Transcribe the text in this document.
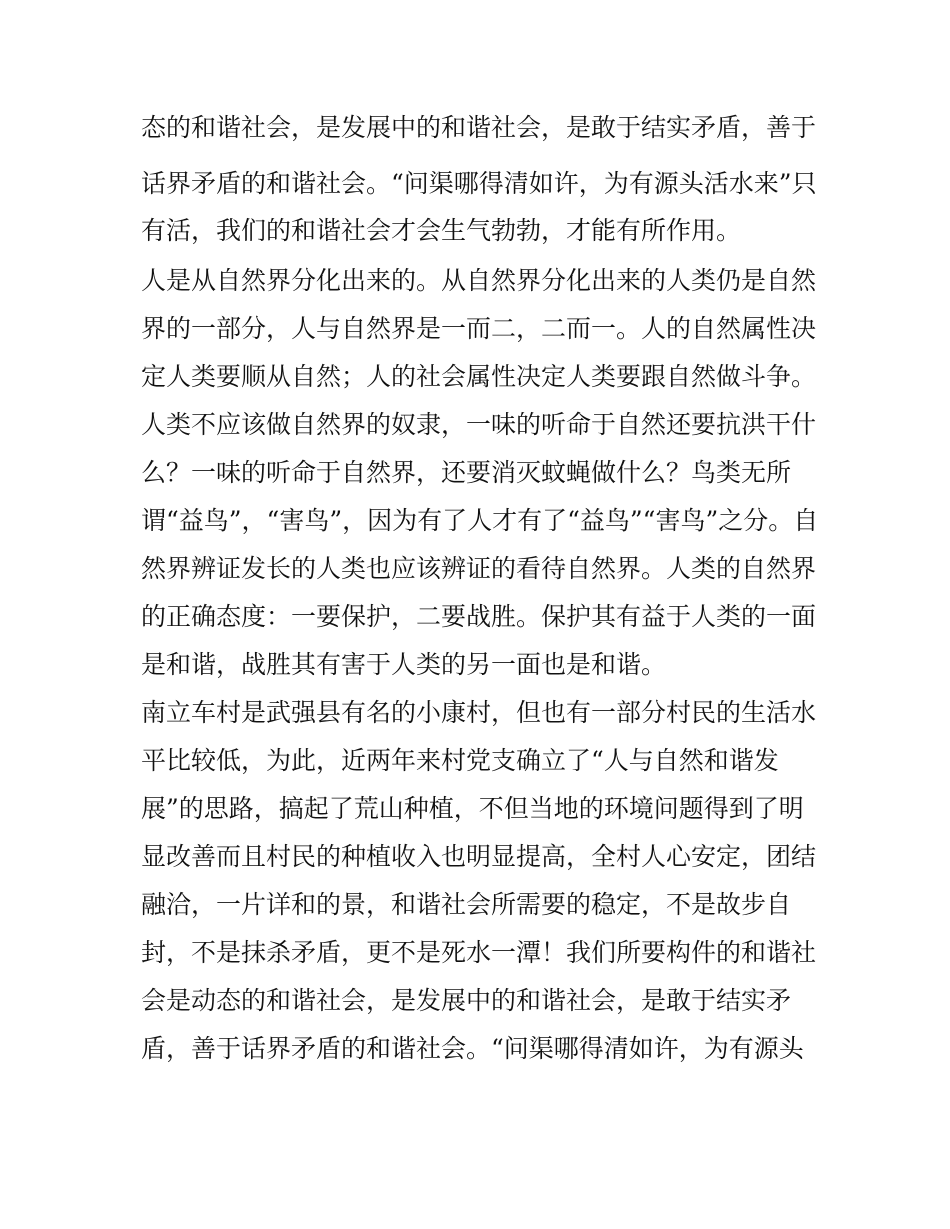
态的和谐社会，是发展中的和谐社会，是敢于结实矛盾，善于
话界矛盾的和谐社会。“问渠哪得清如许，为有源头活水来”只
有活，我们的和谐社会才会生气勃勃，才能有所作用。
人是从自然界分化出来的。从自然界分化出来的人类仍是自然
界的一部分，人与自然界是一而二，二而一。人的自然属性决
定人类要顺从自然；人的社会属性决定人类要跟自然做斗争。
人类不应该做自然界的奴隶，一味的听命于自然还要抗洪干什
么？一味的听命于自然界，还要消灭蚊蝇做什么？鸟类无所
谓“益鸟”，“害鸟”，因为有了人才有了“益鸟”“害鸟”之分。自
然界辨证发长的人类也应该辨证的看待自然界。人类的自然界
的正确态度：一要保护，二要战胜。保护其有益于人类的一面
是和谐，战胜其有害于人类的另一面也是和谐。
南立车村是武强县有名的小康村，但也有一部分村民的生活水
平比较低，为此，近两年来村党支确立了“人与自然和谐发
展”的思路，搞起了荒山种植，不但当地的环境问题得到了明
显改善而且村民的种植收入也明显提高，全村人心安定，团结
融洽，一片详和的景，和谐社会所需要的稳定，不是故步自
封，不是抹杀矛盾，更不是死水一潭！我们所要构件的和谐社
会是动态的和谐社会，是发展中的和谐社会，是敢于结实矛
盾，善于话界矛盾的和谐社会。“问渠哪得清如许，为有源头
